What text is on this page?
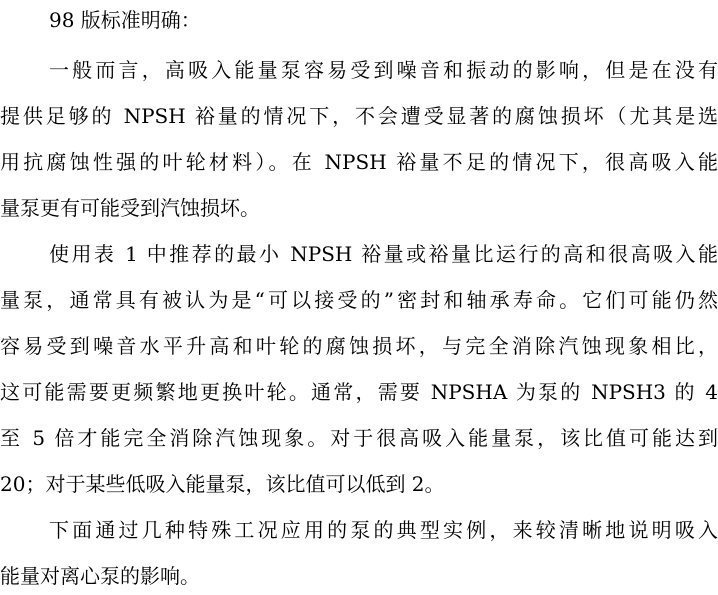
98 版标准明确：
一般而言，高吸入能量泵容易受到噪音和振动的影响，但是在没有
提供足够的 NPSH 裕量的情况下，不会遭受显著的腐蚀损坏（尤其是选
用抗腐蚀性强的叶轮材料）。在 NPSH 裕量不足的情况下，很高吸入能
量泵更有可能受到汽蚀损坏。
使用表 1 中推荐的最小 NPSH 裕量或裕量比运行的高和很高吸入能
量泵，通常具有被认为是“可以接受的”密封和轴承寿命。它们可能仍然
容易受到噪音水平升高和叶轮的腐蚀损坏，与完全消除汽蚀现象相比，
这可能需要更频繁地更换叶轮。通常，需要 NPSHA 为泵的 NPSH3 的 4
至 5 倍才能完全消除汽蚀现象。对于很高吸入能量泵，该比值可能达到
20；对于某些低吸入能量泵，该比值可以低到 2。
下面通过几种特殊工况应用的泵的典型实例，来较清晰地说明吸入
能量对离心泵的影响。
